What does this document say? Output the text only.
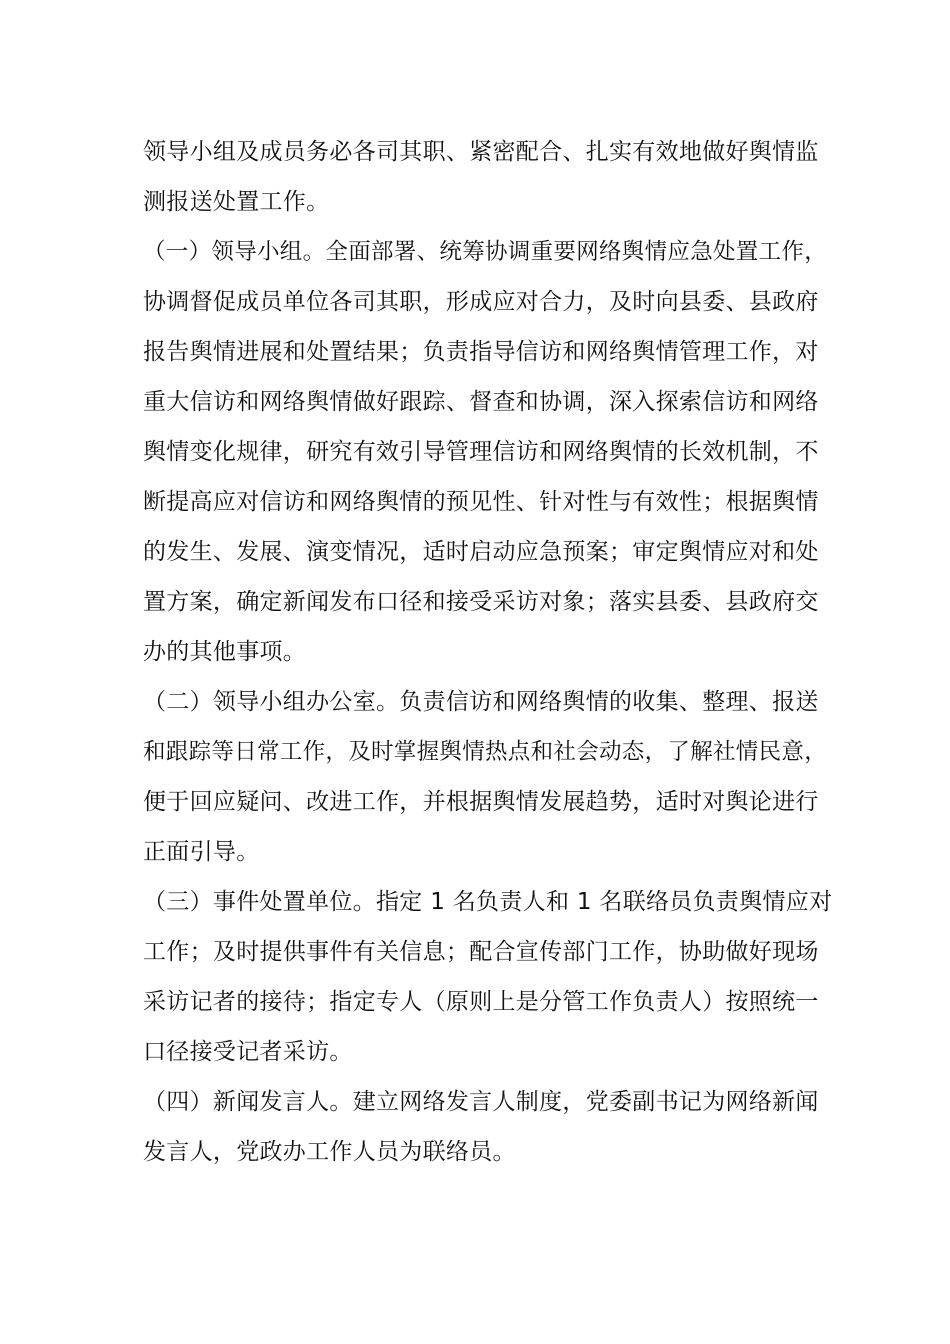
领导小组及成员务必各司其职、紧密配合、扎实有效地做好舆情监
测报送处置工作。
（一）领导小组。全面部署、统筹协调重要网络舆情应急处置工作，
协调督促成员单位各司其职，形成应对合力，及时向县委、县政府
报告舆情进展和处置结果；负责指导信访和网络舆情管理工作，对
重大信访和网络舆情做好跟踪、督查和协调，深入探索信访和网络
舆情变化规律，研究有效引导管理信访和网络舆情的长效机制，不
断提高应对信访和网络舆情的预见性、针对性与有效性；根据舆情
的发生、发展、演变情况，适时启动应急预案；审定舆情应对和处
置方案，确定新闻发布口径和接受采访对象；落实县委、县政府交
办的其他事项。
（二）领导小组办公室。负责信访和网络舆情的收集、整理、报送
和跟踪等日常工作，及时掌握舆情热点和社会动态，了解社情民意，
便于回应疑问、改进工作，并根据舆情发展趋势，适时对舆论进行
正面引导。
（三）事件处置单位。指定 1 名负责人和 1 名联络员负责舆情应对
工作；及时提供事件有关信息；配合宣传部门工作，协助做好现场
采访记者的接待；指定专人（原则上是分管工作负责人）按照统一
口径接受记者采访。
（四）新闻发言人。建立网络发言人制度，党委副书记为网络新闻
发言人，党政办工作人员为联络员。
